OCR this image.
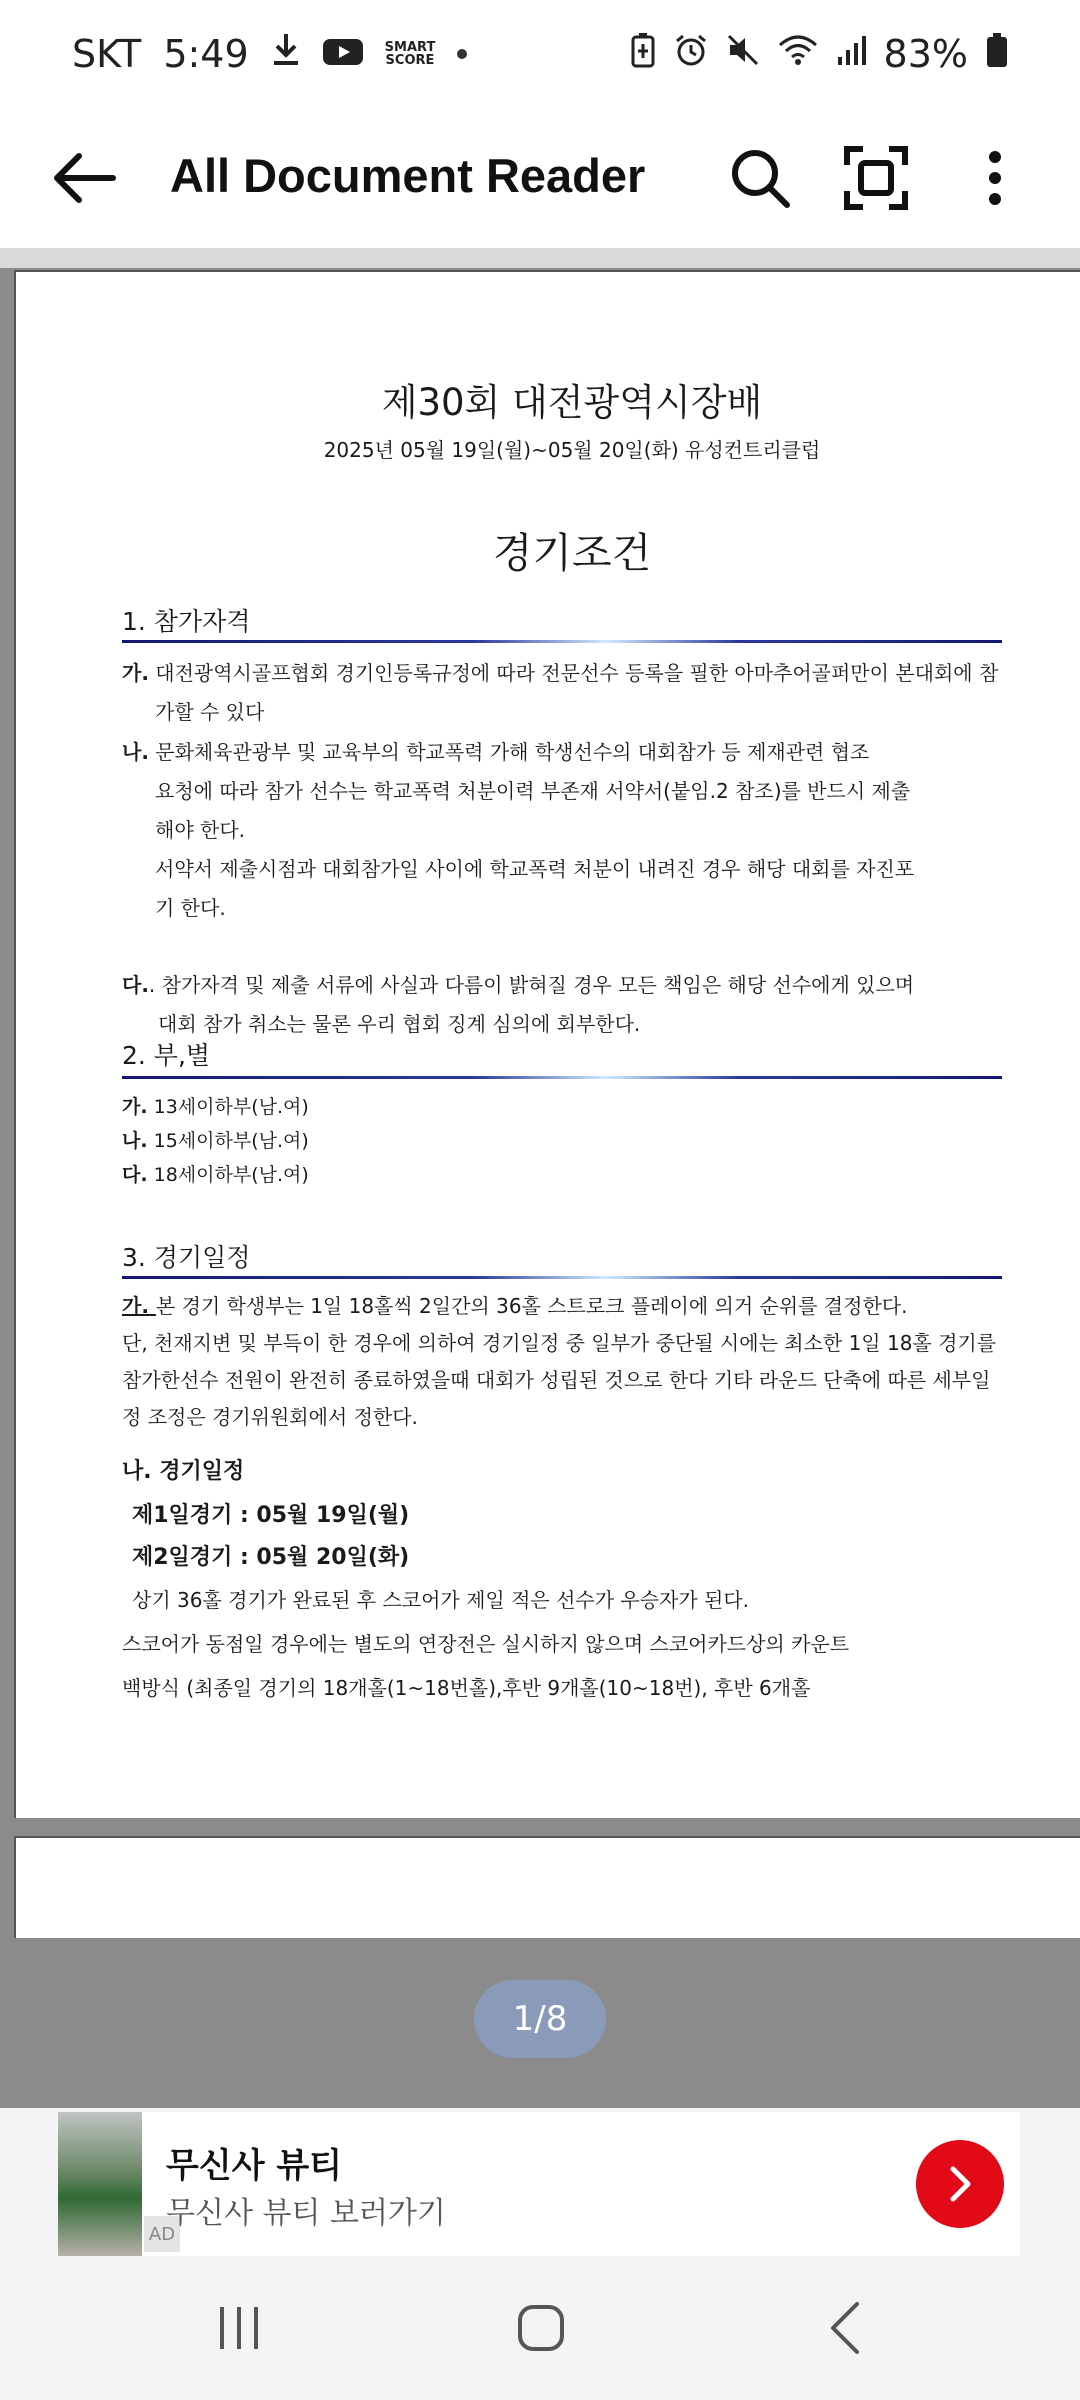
SKT 5:49	SMART
SCORE	83%
All Document Reader
제30회 대전광역시장배
2025년 05월 19일(월)~05월 20일(화) 유성컨트리클럽
경기조건
1. 참가자격
가. 대전광역시골프협회 경기인등록규정에 따라 전문선수 등록을 필한 아마추어골퍼만이 본대회에 참
가할 수 있다
나. 문화체육관광부 및 교육부의 학교폭력 가해 학생선수의 대회참가 등 제재관련 협조
요청에 따라 참가 선수는 학교폭력 처분이력 부존재 서약서(붙임.2 참조)를 반드시 제출
해야 한다.
서약서 제출시점과 대회참가일 사이에 학교폭력 처분이 내려진 경우 해당 대회를 자진포
기 한다.
다.. 참가자격 및 제출 서류에 사실과 다름이 밝혀질 경우 모든 책임은 해당 선수에게 있으며
대회 참가 취소는 물론 우리 협회 징계 심의에 회부한다.
2. 부,별
가. 13세이하부(남.여)
나. 15세이하부(남.여)
다. 18세이하부(남.여)
3. 경기일정
가. 본 경기 학생부는 1일 18홀씩 2일간의 36홀 스트로크 플레이에 의거 순위를 결정한다.
단, 천재지변 및 부득이 한 경우에 의하여 경기일정 중 일부가 중단될 시에는 최소한 1일 18홀 경기를
참가한선수 전원이 완전히 종료하였을때 대회가 성립된 것으로 한다 기타 라운드 단축에 따른 세부일
정 조정은 경기위원회에서 정한다.
나. 경기일정
제1일경기 : 05월 19일(월)
제2일경기 : 05월 20일(화)
상기 36홀 경기가 완료된 후 스코어가 제일 적은 선수가 우승자가 된다.
스코어가 동점일 경우에는 별도의 연장전은 실시하지 않으며 스코어카드상의 카운트
백방식 (최종일 경기의 18개홀(1~18번홀),후반 9개홀(10~18번), 후반 6개홀
1/8
AD
무신사 뷰티
무신사 뷰티 보러가기
